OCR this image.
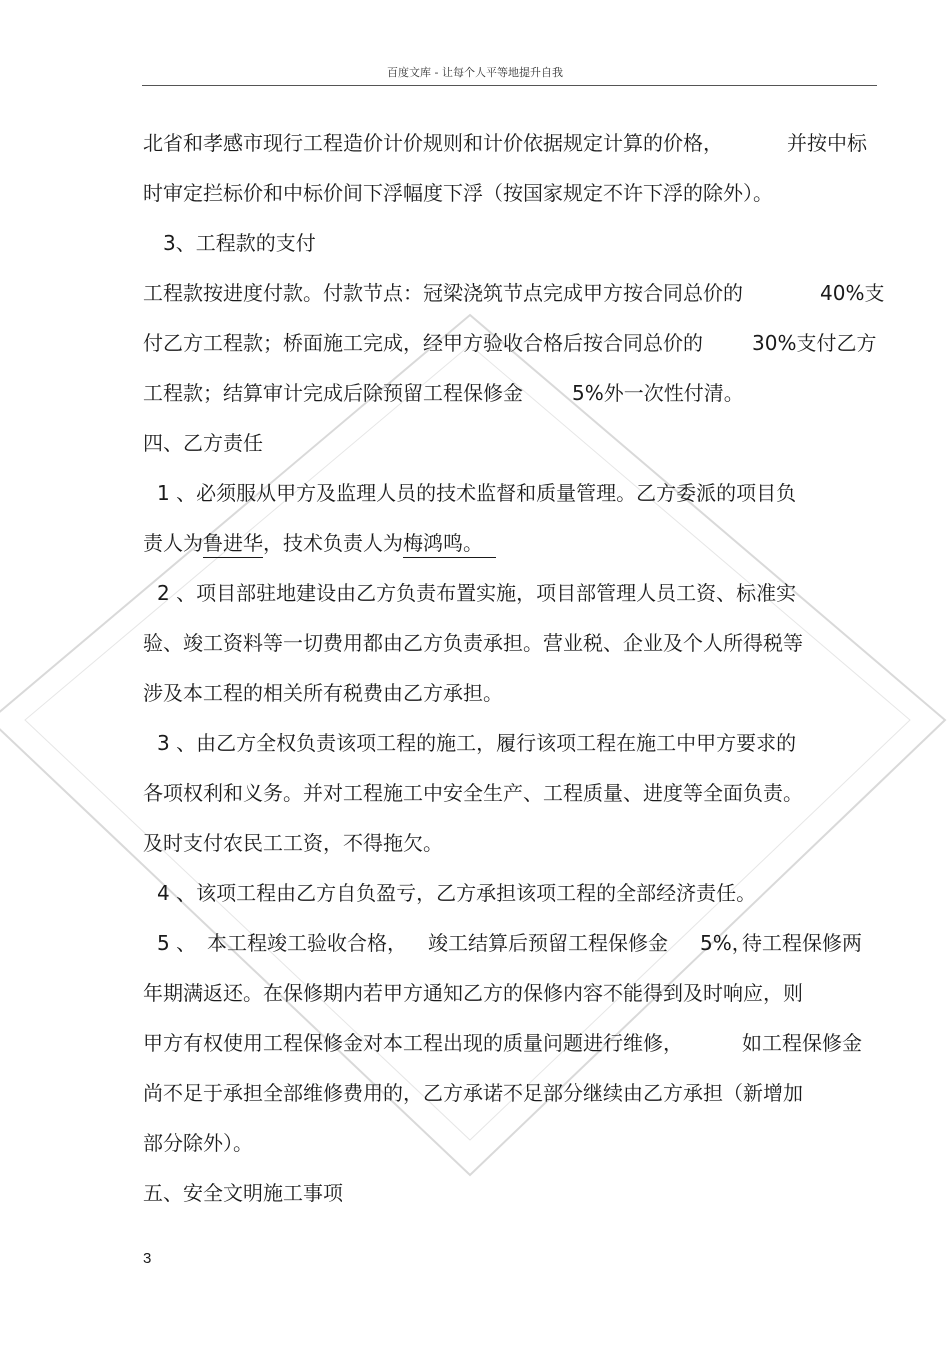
百度文库 - 让每个人平等地提升自我
北省和孝感市现行工程造价计价规则和计价依据规定计算的价格，	并按中标
时审定拦标价和中标价间下浮幅度下浮（按国家规定不许下浮的除外）。
3、工程款的支付
工程款按进度付款。付款节点：冠梁浇筑节点完成甲方按合同总价的	40%支
付乙方工程款；桥面施工完成，经甲方验收合格后按合同总价的 30%支付乙方
工程款；结算审计完成后除预留工程保修金 5%外一次性付清。
四、乙方责任
1 、必须服从甲方及监理人员的技术监督和质量管理。乙方委派的项目负
责人为 鲁进华 ，技术负责人为 梅鸿鸣。
2 、项目部驻地建设由乙方负责布置实施，项目部管理人员工资、标准实
验、竣工资料等一切费用都由乙方负责承担。营业税、企业及个人所得税等
涉及本工程的相关所有税费由乙方承担。
3 、由乙方全权负责该项工程的施工，履行该项工程在施工中甲方要求的
各项权利和义务。并对工程施工中安全生产、工程质量、进度等全面负责。
及时支付农民工工资，不得拖欠。
4 、该项工程由乙方自负盈亏，乙方承担该项工程的全部经济责任。
5 、 本工程竣工验收合格， 竣工结算后预留工程保修金 5%，
待工程保修两
年期满返还。在保修期内若甲方通知乙方的保修内容不能得到及时响应，则
甲方有权使用工程保修金对本工程出现的质量问题进行维修，	如工程保修金
尚不足于承担全部维修费用的，乙方承诺不足部分继续由乙方承担（新增加
部分除外）。
五、安全文明施工事项
3
